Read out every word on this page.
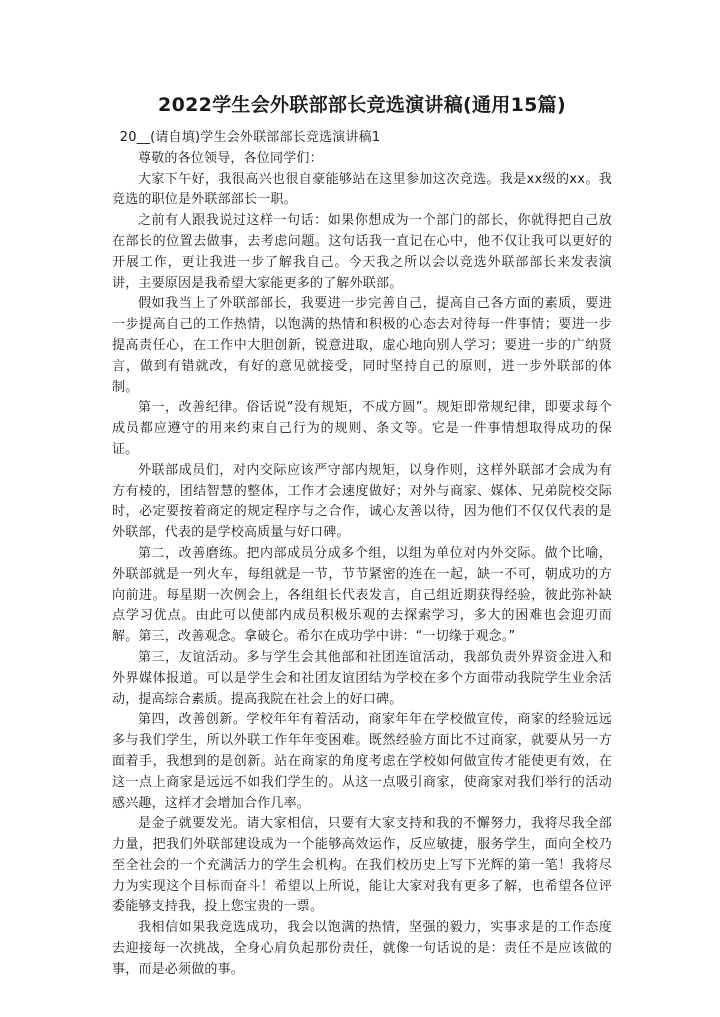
2022学生会外联部部长竞选演讲稿(通用15篇)

20__(请自填)学生会外联部部长竞选演讲稿1

尊敬的各位领导，各位同学们：

大家下午好，我很高兴也很自豪能够站在这里参加这次竞选。我是xx级的xx。我竞选的职位是外联部部长一职。

之前有人跟我说过这样一句话：如果你想成为一个部门的部长，你就得把自己放在部长的位置去做事，去考虑问题。这句话我一直记在心中，他不仅让我可以更好的开展工作，更让我进一步了解我自己。今天我之所以会以竞选外联部部长来发表演讲，主要原因是我希望大家能更多的了解外联部。

假如我当上了外联部部长，我要进一步完善自己，提高自己各方面的素质，要进一步提高自己的工作热情，以饱满的热情和积极的心态去对待每一件事情；要进一步提高责任心，在工作中大胆创新，锐意进取，虚心地向别人学习；要进一步的广纳贤言，做到有错就改，有好的意见就接受，同时坚持自己的原则，进一步外联部的体制。

第一，改善纪律。俗话说“没有规矩，不成方圆”。规矩即常规纪律，即要求每个成员都应遵守的用来约束自己行为的规则、条文等。它是一件事情想取得成功的保证。

外联部成员们，对内交际应该严守部内规矩，以身作则，这样外联部才会成为有方有棱的，团结智慧的整体，工作才会速度做好；对外与商家、媒体、兄弟院校交际时，必定要按着商定的规定程序与之合作，诚心友善以待，因为他们不仅仅代表的是外联部，代表的是学校高质量与好口碑。

第二，改善磨练。把内部成员分成多个组，以组为单位对内外交际。做个比喻，外联部就是一列火车，每组就是一节，节节紧密的连在一起，缺一不可，朝成功的方向前进。每星期一次例会上，各组组长代表发言，自己组近期获得经验，彼此弥补缺点学习优点。由此可以使部内成员积极乐观的去探索学习，多大的困难也会迎刃而解。第三，改善观念。拿破仑。希尔在成功学中讲：“一切缘于观念。”

第三，友谊活动。多与学生会其他部和社团连谊活动，我部负责外界资金进入和外界媒体报道。可以是学生会和社团友谊团结为学校在多个方面带动我院学生业余活动，提高综合素质。提高我院在社会上的好口碑。

第四，改善创新。学校年年有着活动，商家年年在学校做宣传，商家的经验远远多与我们学生，所以外联工作年年变困难。既然经验方面比不过商家，就要从另一方面着手，我想到的是创新。站在商家的角度考虑在学校如何做宣传才能使更有效，在这一点上商家是远远不如我们学生的。从这一点吸引商家，使商家对我们举行的活动感兴趣，这样才会增加合作几率。

是金子就要发光。请大家相信，只要有大家支持和我的不懈努力，我将尽我全部力量，把我们外联部建设成为一个能够高效运作，反应敏捷，服务学生，面向全校乃至全社会的一个充满活力的学生会机构。在我们校历史上写下光辉的第一笔！我将尽力为实现这个目标而奋斗！希望以上所说，能让大家对我有更多了解，也希望各位评委能够支持我，投上您宝贵的一票。

我相信如果我竞选成功，我会以饱满的热情，坚强的毅力，实事求是的工作态度去迎接每一次挑战，全身心肩负起那份责任，就像一句话说的是：责任不是应该做的事，而是必须做的事。
